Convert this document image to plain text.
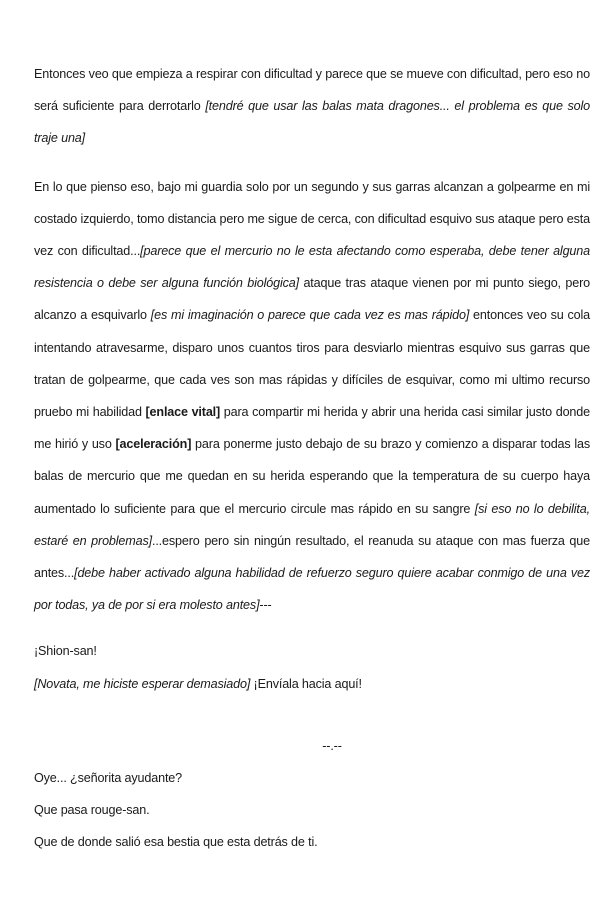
Entonces veo que empieza a respirar con dificultad y parece que se mueve con dificultad, pero eso no será suficiente para derrotarlo [tendré que usar las balas mata dragones... el problema es que solo traje una]

En lo que pienso eso, bajo mi guardia solo por un segundo y sus garras alcanzan a golpearme en mi costado izquierdo, tomo distancia pero me sigue de cerca, con dificultad esquivo sus ataque pero esta vez con dificultad...[parece que el mercurio no le esta afectando como esperaba, debe tener alguna resistencia o debe ser alguna función biológica] ataque tras ataque vienen por mi punto siego, pero alcanzo a esquivarlo [es mi imaginación o parece que cada vez es mas rápido] entonces veo su cola intentando atravesarme, disparo unos cuantos tiros para desviarlo mientras esquivo sus garras que tratan de golpearme, que cada ves son mas rápidas y difíciles de esquivar, como mi ultimo recurso pruebo mi habilidad [enlace vital] para compartir mi herida y abrir una herida casi similar justo donde me hirió y uso [aceleración] para ponerme justo debajo de su brazo y comienzo a disparar todas las balas de mercurio que me quedan en su herida esperando que la temperatura de su cuerpo haya aumentado lo suficiente para que el mercurio circule mas rápido en su sangre [si eso no lo debilita, estaré en problemas]...espero pero sin ningún resultado, el reanuda su ataque con mas fuerza que antes...[debe haber activado alguna habilidad de refuerzo seguro quiere acabar conmigo de una vez por todas, ya de por si era molesto antes]---

¡Shion-san!
[Novata, me hiciste esperar demasiado] ¡Envíala hacia aquí!

--.--

Oye... ¿señorita ayudante?
Que pasa rouge-san.
Que de donde salió esa bestia que esta detrás de ti.
